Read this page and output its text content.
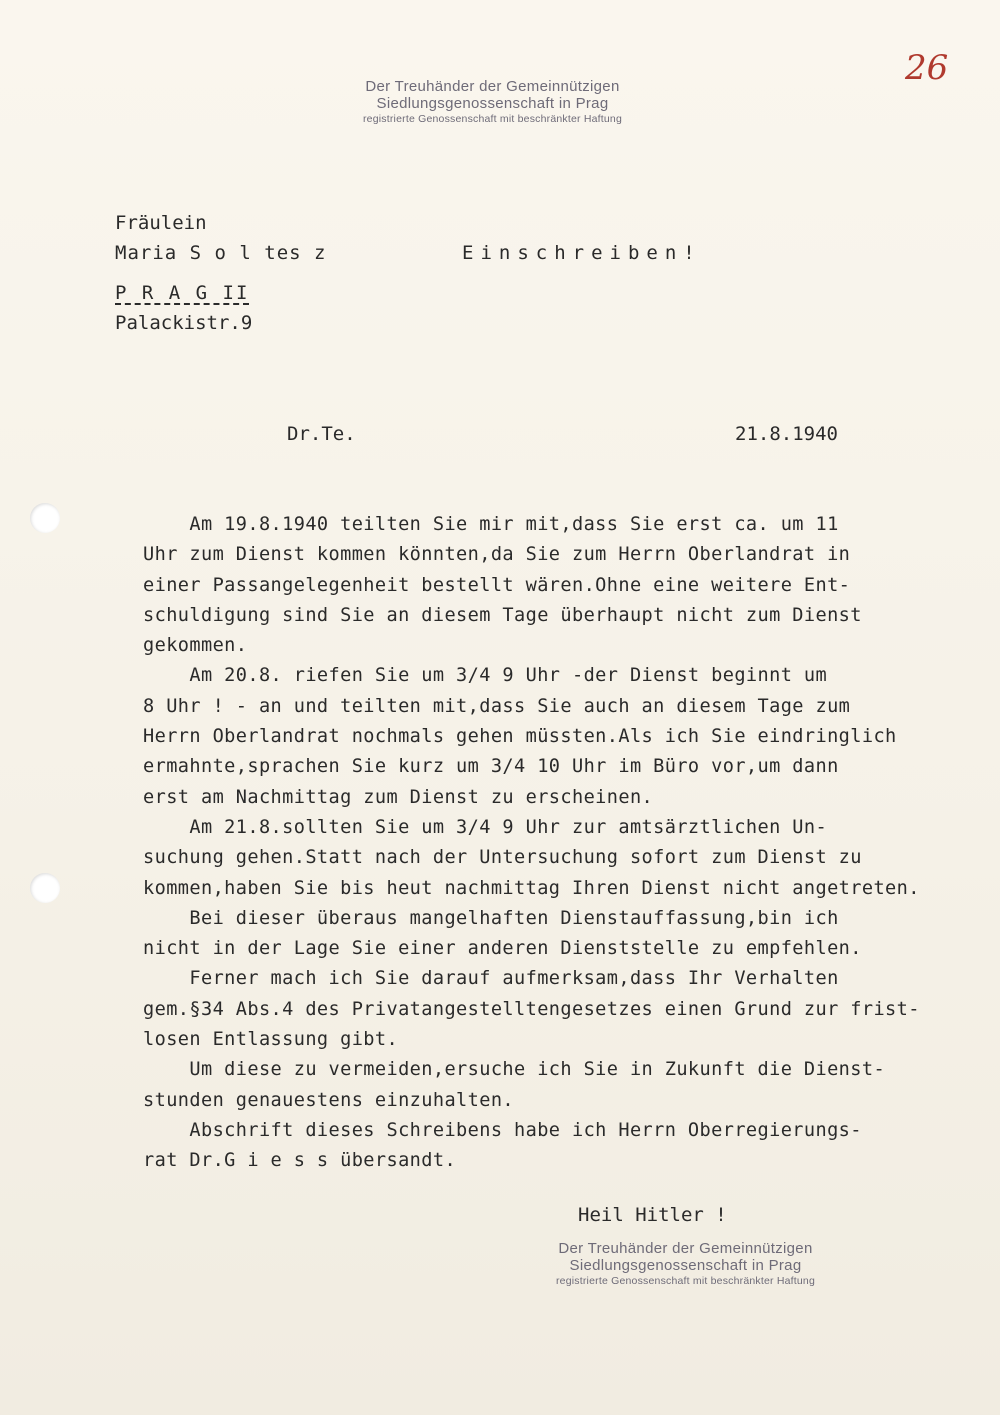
26
Der Treuhänder der Gemeinnützigen
Siedlungsgenossenschaft in Prag
registrierte Genossenschaft mit beschränkter Haftung
Fräulein
Maria S o l tes z
P R A G II
Palackistr.9
Einschreiben!
Dr.Te.	21.8.1940
Am 19.8.1940 teilten Sie mir mit,dass Sie erst ca. um 11
Uhr zum Dienst kommen könnten,da Sie zum Herrn Oberlandrat in
einer Passangelegenheit bestellt wären.Ohne eine weitere Ent-
schuldigung sind Sie an diesem Tage überhaupt nicht zum Dienst
gekommen.
Am 20.8. riefen Sie um 3/4 9 Uhr -der Dienst beginnt um
8 Uhr ! - an und teilten mit,dass Sie auch an diesem Tage zum
Herrn Oberlandrat nochmals gehen müssten.Als ich Sie eindringlich
ermahnte,sprachen Sie kurz um 3/4 10 Uhr im Büro vor,um dann
erst am Nachmittag zum Dienst zu erscheinen.
Am 21.8.sollten Sie um 3/4 9 Uhr zur amtsärztlichen Un-
suchung gehen.Statt nach der Untersuchung sofort zum Dienst zu
kommen,haben Sie bis heut nachmittag Ihren Dienst nicht angetreten.
Bei dieser überaus mangelhaften Dienstauffassung,bin ich
nicht in der Lage Sie einer anderen Dienststelle zu empfehlen.
Ferner mach ich Sie darauf aufmerksam,dass Ihr Verhalten
gem.§34 Abs.4 des Privatangestelltengesetzes einen Grund zur frist-
losen Entlassung gibt.
Um diese zu vermeiden,ersuche ich Sie in Zukunft die Dienst-
stunden genauestens einzuhalten.
Abschrift dieses Schreibens habe ich Herrn Oberregierungs-
rat Dr.G i e s s übersandt.
Heil Hitler !
Der Treuhänder der Gemeinnützigen
Siedlungsgenossenschaft in Prag
registrierte Genossenschaft mit beschränkter Haftung
